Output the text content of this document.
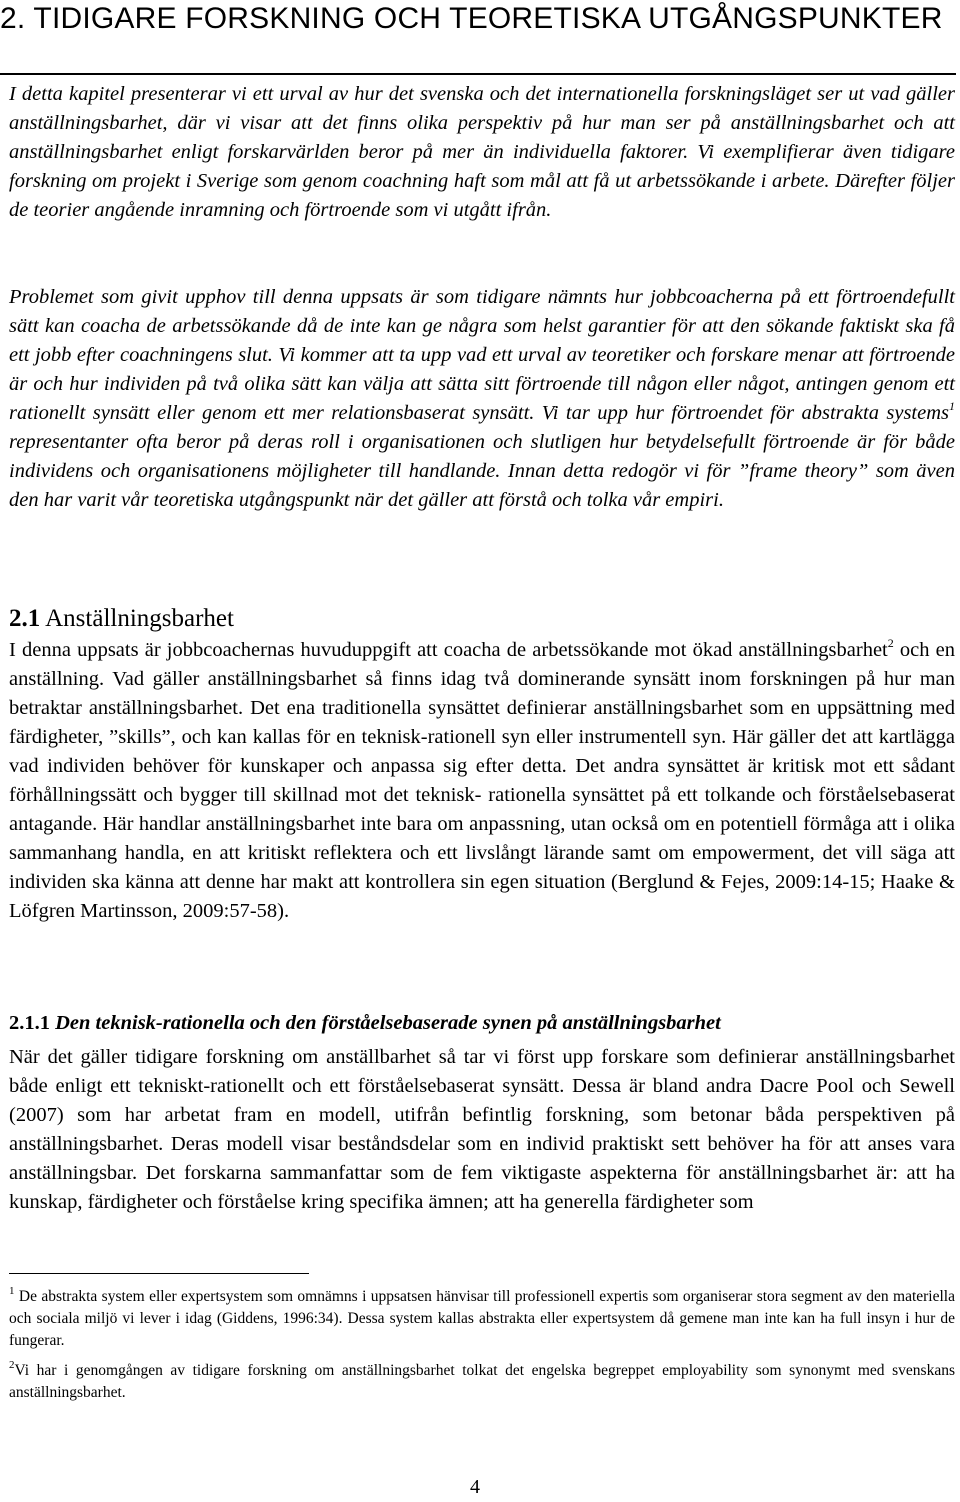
2. TIDIGARE FORSKNING OCH TEORETISKA UTGÅNGSPUNKTER

I detta kapitel presenterar vi ett urval av hur det svenska och det internationella forskningsläget ser ut vad gäller anställningsbarhet, där vi visar att det finns olika perspektiv på hur man ser på anställningsbarhet och att anställningsbarhet enligt forskarvärlden beror på mer än individuella faktorer. Vi exemplifierar även tidigare forskning om projekt i Sverige som genom coachning haft som mål att få ut arbetssökande i arbete. Därefter följer de teorier angående inramning och förtroende som vi utgått ifrån.

Problemet som givit upphov till denna uppsats är som tidigare nämnts hur jobbcoacherna på ett förtroendefullt sätt kan coacha de arbetssökande då de inte kan ge några som helst garantier för att den sökande faktiskt ska få ett jobb efter coachningens slut. Vi kommer att ta upp vad ett urval av teoretiker och forskare menar att förtroende är och hur individen på två olika sätt kan välja att sätta sitt förtroende till någon eller något, antingen genom ett rationellt synsätt eller genom ett mer relationsbaserat synsätt. Vi tar upp hur förtroendet för abstrakta systems$^1$ representanter ofta beror på deras roll i organisationen och slutligen hur betydelsefullt förtroende är för både individens och organisationens möjligheter till handlande. Innan detta redogör vi för ”frame theory” som även den har varit vår teoretiska utgångspunkt när det gäller att förstå och tolka vår empiri.

2.1 Anställningsbarhet

I denna uppsats är jobbcoachernas huvuduppgift att coacha de arbetssökande mot ökad anställningsbarhet$^2$ och en anställning. Vad gäller anställningsbarhet så finns idag två dominerande synsätt inom forskningen på hur man betraktar anställningsbarhet. Det ena traditionella synsättet definierar anställningsbarhet som en uppsättning med färdigheter, ”skills”, och kan kallas för en teknisk-rationell syn eller instrumentell syn. Här gäller det att kartlägga vad individen behöver för kunskaper och anpassa sig efter detta. Det andra synsättet är kritisk mot ett sådant förhållningssätt och bygger till skillnad mot det teknisk- rationella synsättet på ett tolkande och förståelsebaserat antagande. Här handlar anställningsbarhet inte bara om anpassning, utan också om en potentiell förmåga att i olika sammanhang handla, en att kritiskt reflektera och ett livslångt lärande samt om empowerment, det vill säga att individen ska känna att denne har makt att kontrollera sin egen situation (Berglund & Fejes, 2009:14-15; Haake & Löfgren Martinsson, 2009:57-58).

2.1.1 Den teknisk-rationella och den förståelsebaserade synen på anställningsbarhet

När det gäller tidigare forskning om anställbarhet så tar vi först upp forskare som definierar anställningsbarhet både enligt ett tekniskt-rationellt och ett förståelsebaserat synsätt. Dessa är bland andra Dacre Pool och Sewell (2007) som har arbetat fram en modell, utifrån befintlig forskning, som betonar båda perspektiven på anställningsbarhet. Deras modell visar beståndsdelar som en individ praktiskt sett behöver ha för att anses vara anställningsbar. Det forskarna sammanfattar som de fem viktigaste aspekterna för anställningsbarhet är: att ha kunskap, färdigheter och förståelse kring specifika ämnen; att ha generella färdigheter som

$^1$ De abstrakta system eller expertsystem som omnämns i uppsatsen hänvisar till professionell expertis som organiserar stora segment av den materiella och sociala miljö vi lever i idag (Giddens, 1996:34). Dessa system kallas abstrakta eller expertsystem då gemene man inte kan ha full insyn i hur de fungerar.

$^2$Vi har i genomgången av tidigare forskning om anställningsbarhet tolkat det engelska begreppet employability som synonymt med svenskans anställningsbarhet.

4
